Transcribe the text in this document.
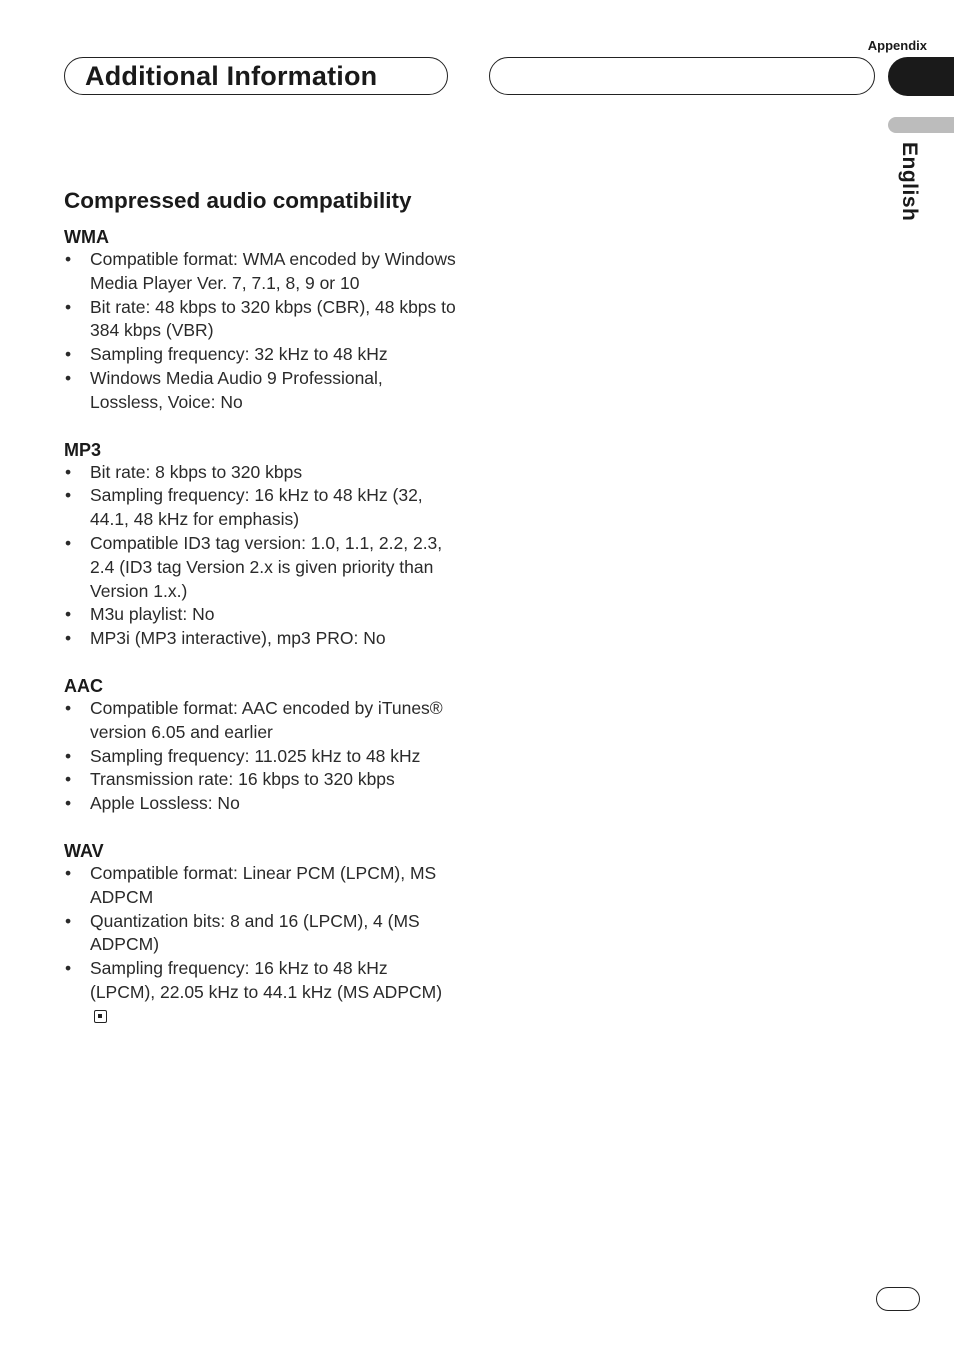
Appendix
Additional Information
English
Compressed audio compatibility
WMA
• Compatible format: WMA encoded by Windows Media Player Ver. 7, 7.1, 8, 9 or 10
• Bit rate: 48 kbps to 320 kbps (CBR), 48 kbps to 384 kbps (VBR)
• Sampling frequency: 32 kHz to 48 kHz
• Windows Media Audio 9 Professional, Lossless, Voice: No
MP3
• Bit rate: 8 kbps to 320 kbps
• Sampling frequency: 16 kHz to 48 kHz (32, 44.1, 48 kHz for emphasis)
• Compatible ID3 tag version: 1.0, 1.1, 2.2, 2.3, 2.4 (ID3 tag Version 2.x is given priority than Version 1.x.)
• M3u playlist: No
• MP3i (MP3 interactive), mp3 PRO: No
AAC
• Compatible format: AAC encoded by iTunes® version 6.05 and earlier
• Sampling frequency: 11.025 kHz to 48 kHz
• Transmission rate: 16 kbps to 320 kbps
• Apple Lossless: No
WAV
• Compatible format: Linear PCM (LPCM), MS ADPCM
• Quantization bits: 8 and 16 (LPCM), 4 (MS ADPCM)
• Sampling frequency: 16 kHz to 48 kHz (LPCM), 22.05 kHz to 44.1 kHz (MS ADPCM)
